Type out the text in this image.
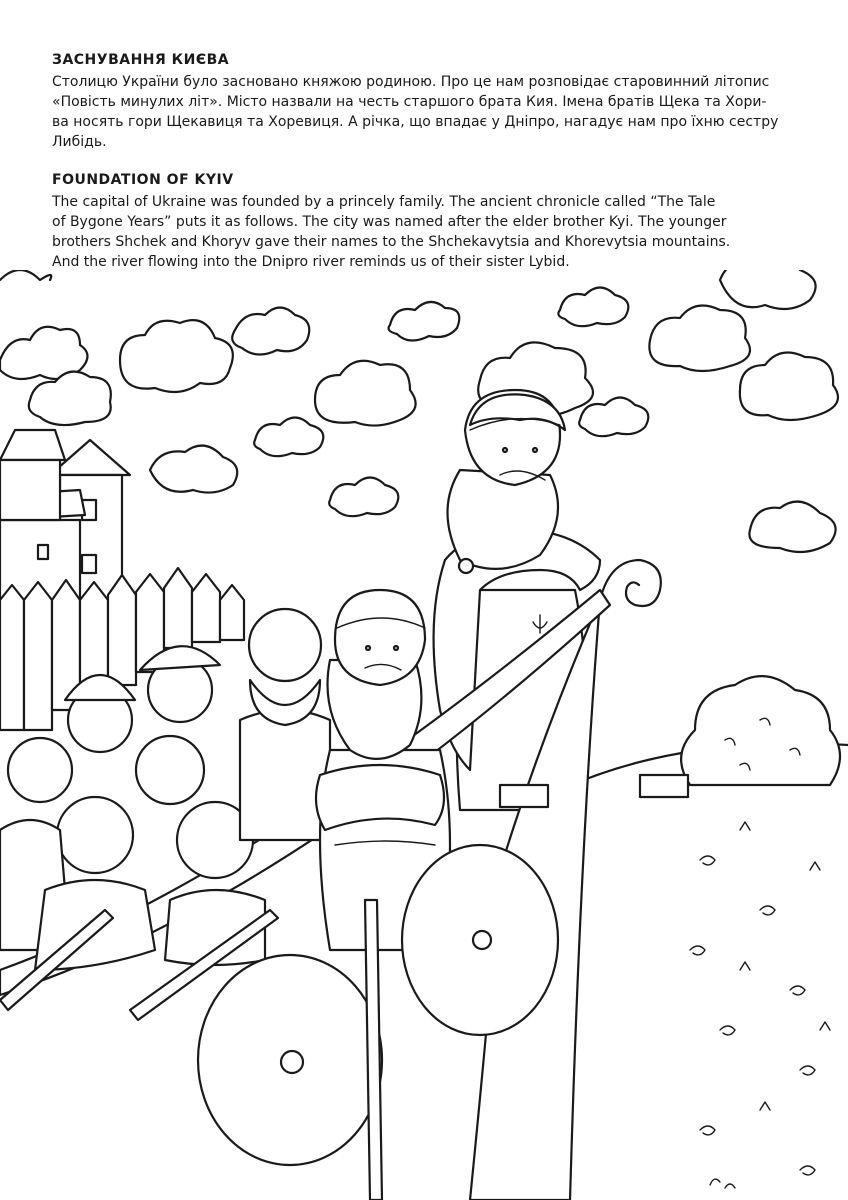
ЗАСНУВАННЯ КИЄВА

Столицю України було засновано княжою родиною. Про це нам розповідає старовинний літопис

«Повість минулих літ». Місто назвали на честь старшого брата Кия. Імена братів Щека та Хори-

ва носять гори Щекавиця та Хоревиця. А річка, що впадає у Дніпро, нагадує нам про їхню сестру

Либідь.

FOUNDATION OF KYIV

The capital of Ukraine was founded by a princely family. The ancient chronicle called “The Tale

of Bygone Years” puts it as follows. The city was named after the elder brother Kyi. The younger

brothers Shchek and Khoryv gave their names to the Shchekavytsia and Khorevytsia mountains.

And the river flowing into the Dnipro river reminds us of their sister Lybid.
